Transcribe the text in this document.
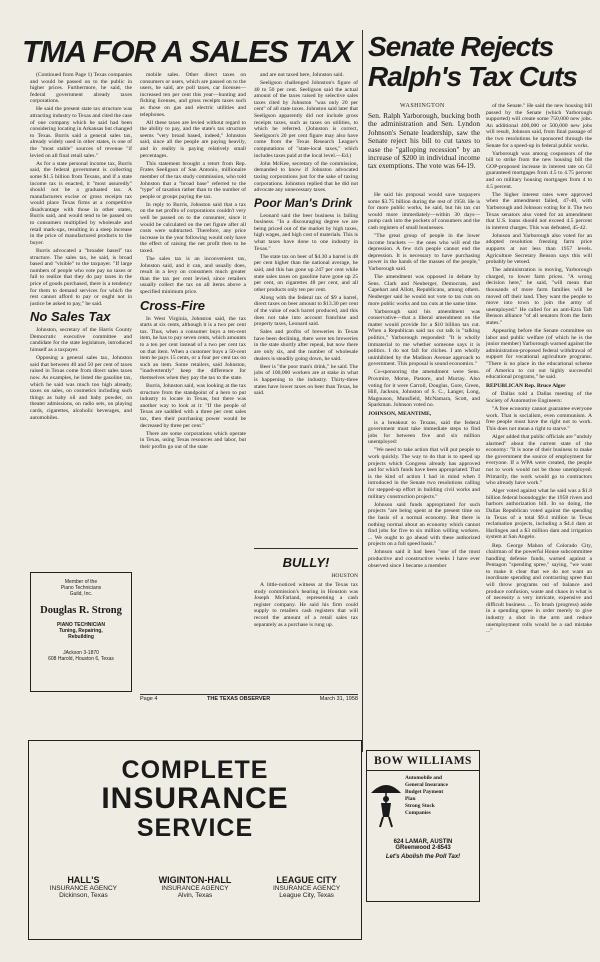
TMA FOR A SALES TAX

(Continued from Page 1) Texas companies and would be passed on to the public in higher prices. Furthermore, he said, the federal government already taxes corporations.

He said the present state tax structure was attracting industry to Texas and cited the case of one company which he said had been considering locating in Arkansas but changed to Texas. Burris said a general sales tax, already widely used in other states, is one of the "most stable" sources of revenue "if levied on all final retail sales."

As for a state personal income tax, Burris said, the federal government is collecting some $1.5 billion from Texans, and if a state income tax is enacted, it "most assuredly" should not be a graduated tax. A manufacturers excise or gross receipts tax would place Texas firms at a competitive disadvantage with those in other states, Burris said, and would tend to be passed on to consumers multiplied by wholesale and retail mark-ups, resulting in a steep increase in the price of manufactured products to the buyer.

Burris advocated a "broader based" tax structure. The sales tax, he said, is broad based and "visible" to the taxpayer. "If large numbers of people who vote pay no taxes or fail to realize that they do pay taxes in the price of goods purchased, there is a tendency for them to demand services for which the rest cannot afford to pay or ought not in justice be asked to pay," he said.

No Sales Tax

Johnston, secretary of the Harris County Democratic executive committee and candidate for the state legislature, introduced himself as a taxpayer.

Opposing a general sales tax, Johnston said that between 40 and 50 per cent of taxes raised in Texas come from direct sales taxes now. As examples, he listed the gasoline tax, which he said was much too high already, taxes on sales, on cosmetics including such things as baby oil and baby powder, on theater admissions, on radio sets, on playing cards, cigarettes, alcoholic beverages, and automobiles.

Member of the
Piano Technicians
Guild, Inc.
Douglas R. Strong
PIANO TECHNICIAN
Tuning, Repairing,
Rebuilding
JAckson 3-1870
608 Harold, Houston 6, Texas

mobile sales. Other direct taxes on consumers or users, which are passed on to the users, he said, are poll taxes, car licenses—increased ten per cent this year—hunting and fishing licenses, and gross receipts taxes such as those on gas and electric utilities and telephones.

All these taxes are levied without regard to the ability to pay, and the state's tax structure seems "very broad based, indeed," Johnston said, since all the people are paying heavily, and in reality is paying relatively small percentages.

This statement brought a retort from Rep. Frates Seeligson of San Antonio, millionaire member of the tax study commission, who told Johnston that a "broad base" referred to the "type" of taxation rather than to the number of people or groups paying the tax.

In reply to Burris, Johnston said that a tax on the net profits of corporations couldn't very well be passed on to the consumer, since it would be calculated on the net figure after all costs were subtracted. Therefore, any price increase in the year following would only have the effect of raising the net profit then to be taxed.

The sales tax is an inconvenient tax, Johnston said, and it can, and usually does, result in a levy on consumers much greater than the tax per cent levied, since retailers usually collect the tax on all items above a specified minimum price.

Cross-Fire

In West Virginia, Johnston said, the tax starts at six cents, although it is a two per cent tax. Thus, when a consumer buys a ten-cent item, he has to pay seven cents, which amounts to a ten per cent instead of a two per cent tax on that item. When a customer buys a 50-cent item he pays 15 cents, or a four per cent tax on such an item. Some retailers, said Johnston, "inadvertently" keep the difference for themselves when they pay the tax to the state.

Burris, Johnston said, was looking at the tax structure from the standpoint of a hero to put industry to locate in Texas, but there was another way to look at it: "If the people of Texas are saddled with a three per cent sales tax, then their purchasing power would be decreased by three per cent."

There are some corporations which operate in Texas, using Texas resources and labor, but their profits go out of the state

Page 4	THE TEXAS OBSERVER	March 31, 1958

and are not taxed here, Johnston said.

Seeligson challenged Johnston's figure of 40 to 50 per cent. Seeligson said the actual amount of the taxes raised by selective sales taxes cited by Johnston "was only 20 per cent" of all state taxes. Johnston said later that Seeligson apparently did not include gross receipts taxes, such as taxes on utilities, to which he referred. (Johnston is correct, Seeligson's 20 per cent figure may also have come from the Texas Research League's computations of "state-local taxes," which includes taxes paid at the local level.—Ed.)

John McKee, secretary of the commission, demanded to know if Johnston advocated taxing corporations just for the sake of taxing corporations. Johnston replied that he did not advocate any unnecessary taxes.

Poor Man's Drink

Leonard said the beer business is failing business. "In a discouraging degree we are being priced out of the market by high taxes, high wages, and high cost of materials. This is what taxes have done to one industry in Texas."

The state tax on beer of $4.30 a barrel is 48 per cent higher than the national average, he said, and this has gone up 247 per cent while state sales taxes on gasoline have gone up 25 per cent, on cigarettes 48 per cent, and all other products only ten per cent.

Along with the federal tax of $9 a barrel, direct taxes on beer amount to $13.30 per cent of the value of each barrel produced, and this does not take into account franchise and property taxes, Leonard said.

Sales and profits of breweries in Texas have been declining, there were ten breweries in the state shortly after repeal, but now there are only six, and the number of wholesale dealers is steadily going down, he said.

Beer is "the poor man's drink," he said. The jobs of 100,000 workers are at stake in what is happening to the industry. Thirty-three states have lower taxes on beer than Texas, he said.

BULLY!
HOUSTON

A little-noticed witness at the Texas tax study commission's hearing in Houston was Joseph McFarland, representing a cash register company. He said his firm could supply to retailers cash registers that will record the amount of a retail sales tax separately as a purchase is rung up.

Senate Rejects Ralph's Tax Cuts
WASHINGTON
Sen. Ralph Yarborough, bucking both the administration and Sen. Lyndon Johnson's Senate leadership, saw the Senate reject his bill to cut taxes to ease the "galloping recession" by an increase of $200 in individual income tax exemptions. The vote was 64-19.

He said his proposal would save taxpayers some $3.75 billion during the rest of 1958. He is for more public works, he said, but his tax cut would more immediately—within 30 days—pump cash into the pockets of consumers and the cash registers of small businesses.

"The great group of people in the lower income brackets — the ones who will end the depression. A few rich people cannot end the depression. It is necessary to have purchasing power in the hands of the masses of the people," Yarborough said.

The amendment was opposed in debate by Sens. Clark and Neuberger, Democrats, and Capehart and Allott, Republicans, among others. Neuberger said he would not vote to tax cuts on more public works and tax cuts at the same time.

Yarborough said his amendment was conservative—that a liberal amendment on the matter would provide for a $10 billion tax cut. When a Republican said tax cut talk is "talking politics," Yarborough responded: "It is wholly immaterial to me whether someone says it is politics. I do not fall for cliches. I am wholly uninhibited by the Madison Avenue approach to government. This proposal is sound economics."

Co-sponsoring the amendment were Sens. Proxmire, Morse, Pastore, and Murray. Also voting for it were Carroll, Douglas, Gore, Green, Hill, Jackson, Johnston of S. C., Langer, Long, Magnuson, Mansfield, McNamara, Scott, and Sparkman. Johnson voted no.

JOHNSON, MEANTIME,

is a breakout to Texans, said the federal government must take immediate steps to find jobs for between five and six million unemployed:

"We need to take action that will put people to work quickly. The way to do that is to speed up projects which Congress already has approved and for which funds have been appropriated. That is the kind of action I had in mind when I introduced in the Senate two resolutions calling for stepped-up effort in building civil works and military construction projects."

Johnson said funds appropriated for such projects "are being spent at the present time on the basis of a normal economy. But there is nothing normal about an economy which cannot find jobs for five to six million willing workers. ... We ought to go ahead with these authorized projects on a full speed basis."

Johnson said it had been "one of the most productive and constructive weeks I have ever observed since I became a member

of the Senate." He said the new housing bill passed by the Senate (which Yarborough supported) will create some 750,000 new jobs. An additional 400,000 or 500,000 new jobs will result, Johnson said, from final passage of the two resolutions he sponsored through the Senate for a speed-up in federal public works.

Yarborough was among cosponsors of the bill to strike from the new housing bill the GOP-proposed increase in interest rate on GI guaranteed mortgages from 4.5 to 4.75 percent and on military housing mortgages from 4 to 4.5 percent.

The higher interest rates were approved when the amendment failed, 47-40, with Yarborough and Johnson voting for it. The two Texas senators also voted for an amendment that U.S. loans should not exceed 4.5 percent in interest charges. This was defeated, 45-42.

Johnson and Yarborough also voted for an adopted resolution freezing farm price supports at not less than 1957 levels. Agriculture Secretary Benson says this will probably be vetoed.

The administration is moving, Yarborough charged, to lower farm prices. "A wrong decision here," he said, "will mean that thousands of more farm families will be moved off their land. They want the people to move into town to join the army of unemployed." He called for an anti-Ezra Taft Benson alliance "of all senators from the farm states."

Appearing before the Senate committee on labor and public welfare (of which he is the junior member) Yarborough warned against the administration-proposed federal withdrawal of support for vocational agriculture programs. "There is no place in the educational scheme of America to cut out highly successful educational programs," he said.

REPUBLICAN Rep. Bruce Alger

of Dallas told a Dallas meeting of the Society of Automotive Engineers:

"A free economy cannot guarantee everyone work. That is socialism, even communism. A free people must have the right not to work. This does not mean a right to starve."

Alger added that public officials are "unduly alarmed" about the current state of the economy: "It is none of their business to make the government the source of employment for everyone. If a WPA were created, the people not to work would not be those unemployed. Primarily, the work would go to contractors who already have work."

Alger voted against what he said was a $1.8 billion federal boondoggle: the 1958 rivers and harbors authorization bill. In so doing, the Dallas Republican voted against the spending in Texas of a total $9.4 million in Texas reclamation projects, including a $4.4 dam at Harlingen and a $3 million dam and irrigation system at San Angelo.

Rep. George Mahon of Colorado City, chairman of the powerful House subcommittee handling defense funds, warned against a Pentagon "spending spree," saying, "we want to make it clear that we do not want an inordinate spending and contracting spree that will throw programs out of balance and produce confusion, waste and chaos in what is of necessity a very intricate, expensive and difficult business. ... To brush (progress) aside in a spending spree in order merely to give industry a shot in the arm and reduce unemployment rolls would be a sad mistake ..."

BOW WILLIAMS
Automobile and
General Insurance
Budget Payment
Plan
Strong Stock
Companies
624 LAMAR, AUSTIN
GReenwood 2-8543
Let's Abolish the Poll Tax!
COMPLETE
INSURANCE
SERVICE
HALL'S
INSURANCE AGENCY
Dickinson, Texas
WIGINTON-HALL
INSURANCE AGENCY
Alvin, Texas
LEAGUE CITY
INSURANCE AGENCY
League City, Texas
